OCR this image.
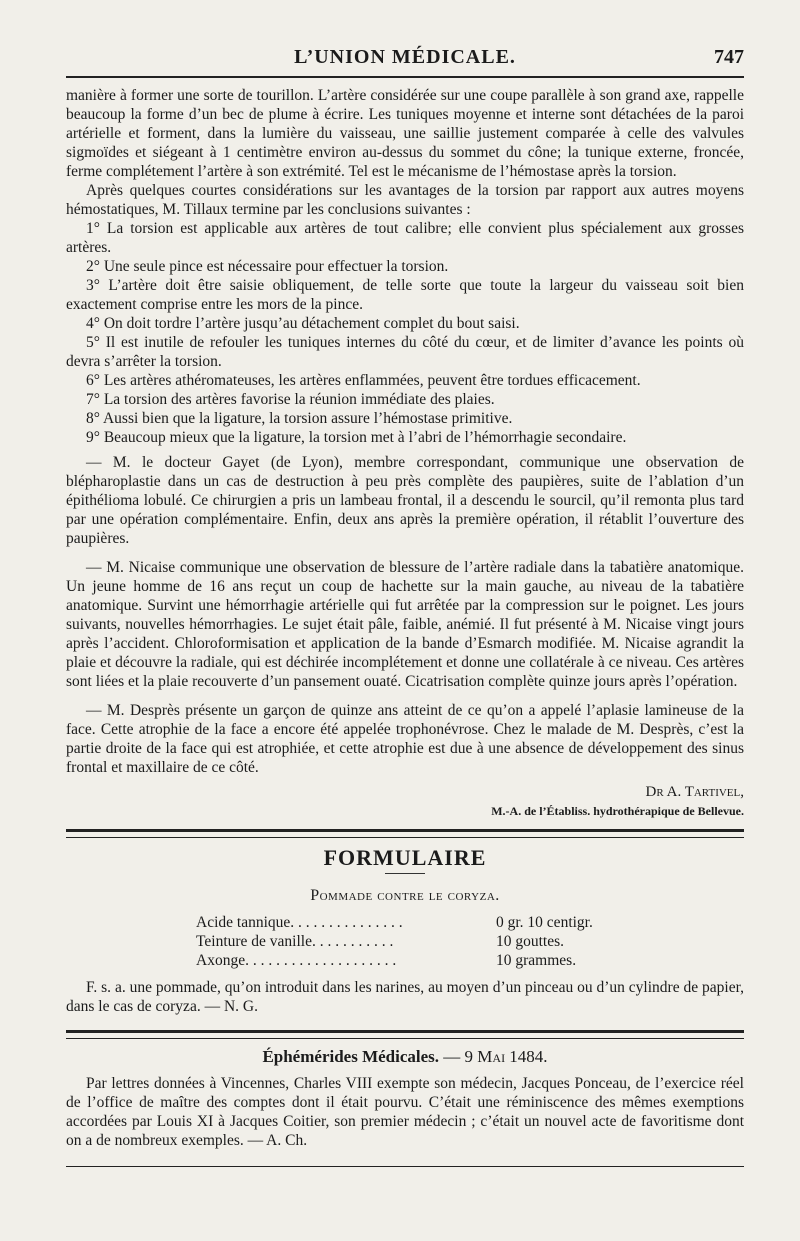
L’UNION MÉDICALE.	747

manière à former une sorte de tourillon. L’artère considérée sur une coupe parallèle à son grand axe, rappelle beaucoup la forme d’un bec de plume à écrire. Les tuniques moyenne et interne sont détachées de la paroi artérielle et forment, dans la lumière du vaisseau, une saillie justement comparée à celle des valvules sigmoïdes et siégeant à 1 centimètre environ au-dessus du sommet du cône; la tunique externe, froncée, ferme complétement l’artère à son extrémité. Tel est le mécanisme de l’hémostase après la torsion.

Après quelques courtes considérations sur les avantages de la torsion par rapport aux autres moyens hémostatiques, M. Tillaux termine par les conclusions suivantes :

1° La torsion est applicable aux artères de tout calibre; elle convient plus spécialement aux grosses artères.

2° Une seule pince est nécessaire pour effectuer la torsion.

3° L’artère doit être saisie obliquement, de telle sorte que toute la largeur du vaisseau soit bien exactement comprise entre les mors de la pince.

4° On doit tordre l’artère jusqu’au détachement complet du bout saisi.

5° Il est inutile de refouler les tuniques internes du côté du cœur, et de limiter d’avance les points où devra s’arrêter la torsion.

6° Les artères athéromateuses, les artères enflammées, peuvent être tordues efficacement.

7° La torsion des artères favorise la réunion immédiate des plaies.

8° Aussi bien que la ligature, la torsion assure l’hémostase primitive.

9° Beaucoup mieux que la ligature, la torsion met à l’abri de l’hémorrhagie secondaire.

— M. le docteur Gayet (de Lyon), membre correspondant, communique une observation de blépharoplastie dans un cas de destruction à peu près complète des paupières, suite de l’ablation d’un épithélioma lobulé. Ce chirurgien a pris un lambeau frontal, il a descendu le sourcil, qu’il remonta plus tard par une opération complémentaire. Enfin, deux ans après la première opération, il rétablit l’ouverture des paupières.

— M. Nicaise communique une observation de blessure de l’artère radiale dans la tabatière anatomique. Un jeune homme de 16 ans reçut un coup de hachette sur la main gauche, au niveau de la tabatière anatomique. Survint une hémorrhagie artérielle qui fut arrêtée par la compression sur le poignet. Les jours suivants, nouvelles hémorrhagies. Le sujet était pâle, faible, anémié. Il fut présenté à M. Nicaise vingt jours après l’accident. Chloroformisation et application de la bande d’Esmarch modifiée. M. Nicaise agrandit la plaie et découvre la radiale, qui est déchirée incomplétement et donne une collatérale à ce niveau. Ces artères sont liées et la plaie recouverte d’un pansement ouaté. Cicatrisation complète quinze jours après l’opération.

— M. Desprès présente un garçon de quinze ans atteint de ce qu’on a appelé l’aplasie lamineuse de la face. Cette atrophie de la face a encore été appelée trophonévrose. Chez le malade de M. Desprès, c’est la partie droite de la face qui est atrophiée, et cette atrophie est due à une absence de développement des sinus frontal et maxillaire de ce côté.

Dr A. Tartivel,

M.-A. de l’Établiss. hydrothérapique de Bellevue.

FORMULAIRE
Pommade contre le coryza.
Acide tannique. . . . . . . . . . . . . . .	0 gr. 10 centigr.
Teinture de vanille. . . . . . . . . . .	10 gouttes.
Axonge. . . . . . . . . . . . . . . . . . . .	10 grammes.

F. s. a. une pommade, qu’on introduit dans les narines, au moyen d’un pinceau ou d’un cylindre de papier, dans le cas de coryza. — N. G.

Éphémérides Médicales. — 9 Mai 1484.

Par lettres données à Vincennes, Charles VIII exempte son médecin, Jacques Ponceau, de l’exercice réel de l’office de maître des comptes dont il était pourvu. C’était une réminiscence des mêmes exemptions accordées par Louis XI à Jacques Coitier, son premier médecin ; c’était un nouvel acte de favoritisme dont on a de nombreux exemples. — A. Ch.
